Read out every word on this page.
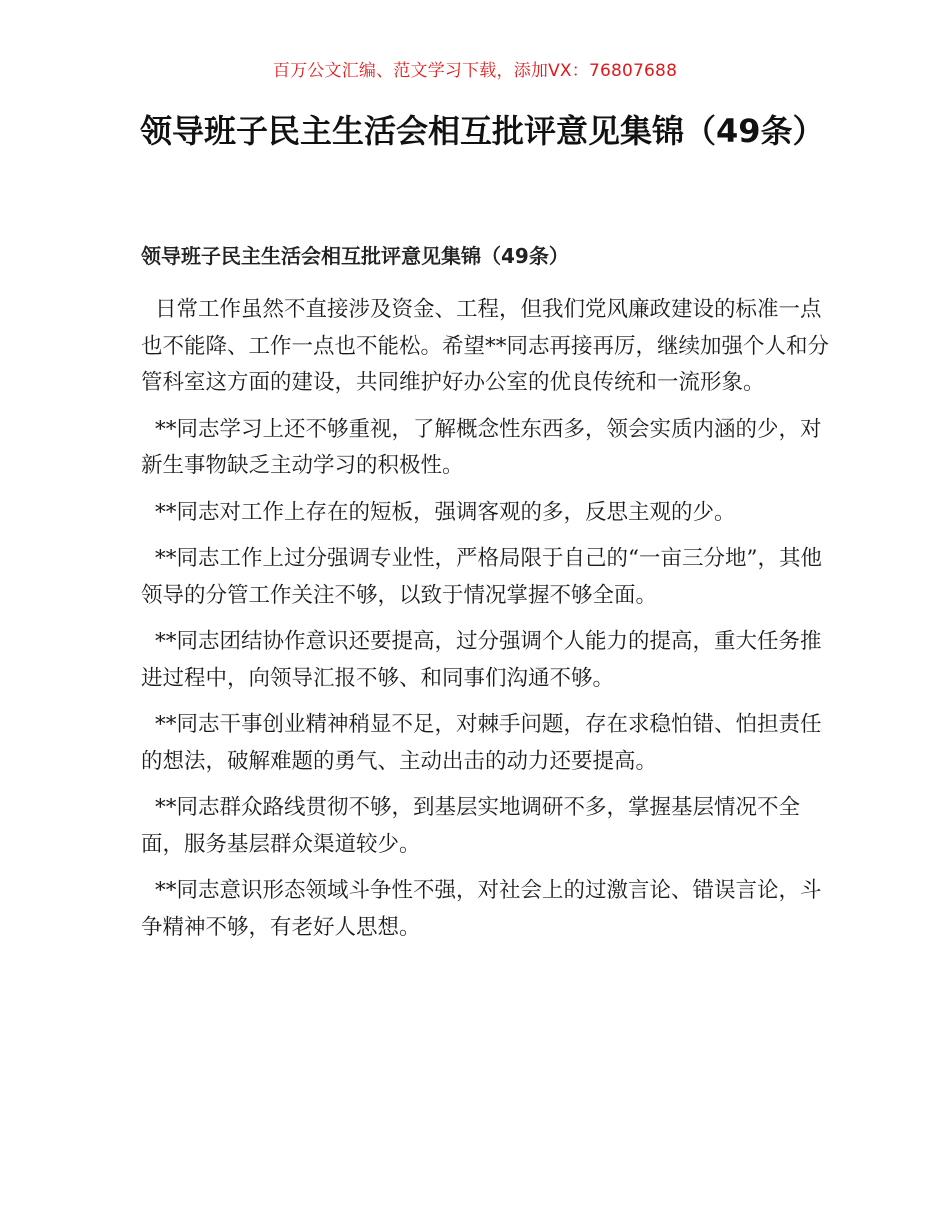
百万公文汇编、范文学习下载，添加VX：76807688
领导班子民主生活会相互批评意见集锦（49条）
领导班子民主生活会相互批评意见集锦（49条）

日常工作虽然不直接涉及资金、工程，但我们党风廉政建设的标准一点也不能降、工作一点也不能松。希望**同志再接再厉，继续加强个人和分管科室这方面的建设，共同维护好办公室的优良传统和一流形象。

**同志学习上还不够重视，了解概念性东西多，领会实质内涵的少，对新生事物缺乏主动学习的积极性。

**同志对工作上存在的短板，强调客观的多，反思主观的少。

**同志工作上过分强调专业性，严格局限于自己的“一亩三分地”，其他领导的分管工作关注不够，以致于情况掌握不够全面。

**同志团结协作意识还要提高，过分强调个人能力的提高，重大任务推进过程中，向领导汇报不够、和同事们沟通不够。

**同志干事创业精神稍显不足，对棘手问题，存在求稳怕错、怕担责任的想法，破解难题的勇气、主动出击的动力还要提高。

**同志群众路线贯彻不够，到基层实地调研不多，掌握基层情况不全面，服务基层群众渠道较少。

**同志意识形态领域斗争性不强，对社会上的过激言论、错误言论，斗争精神不够，有老好人思想。
